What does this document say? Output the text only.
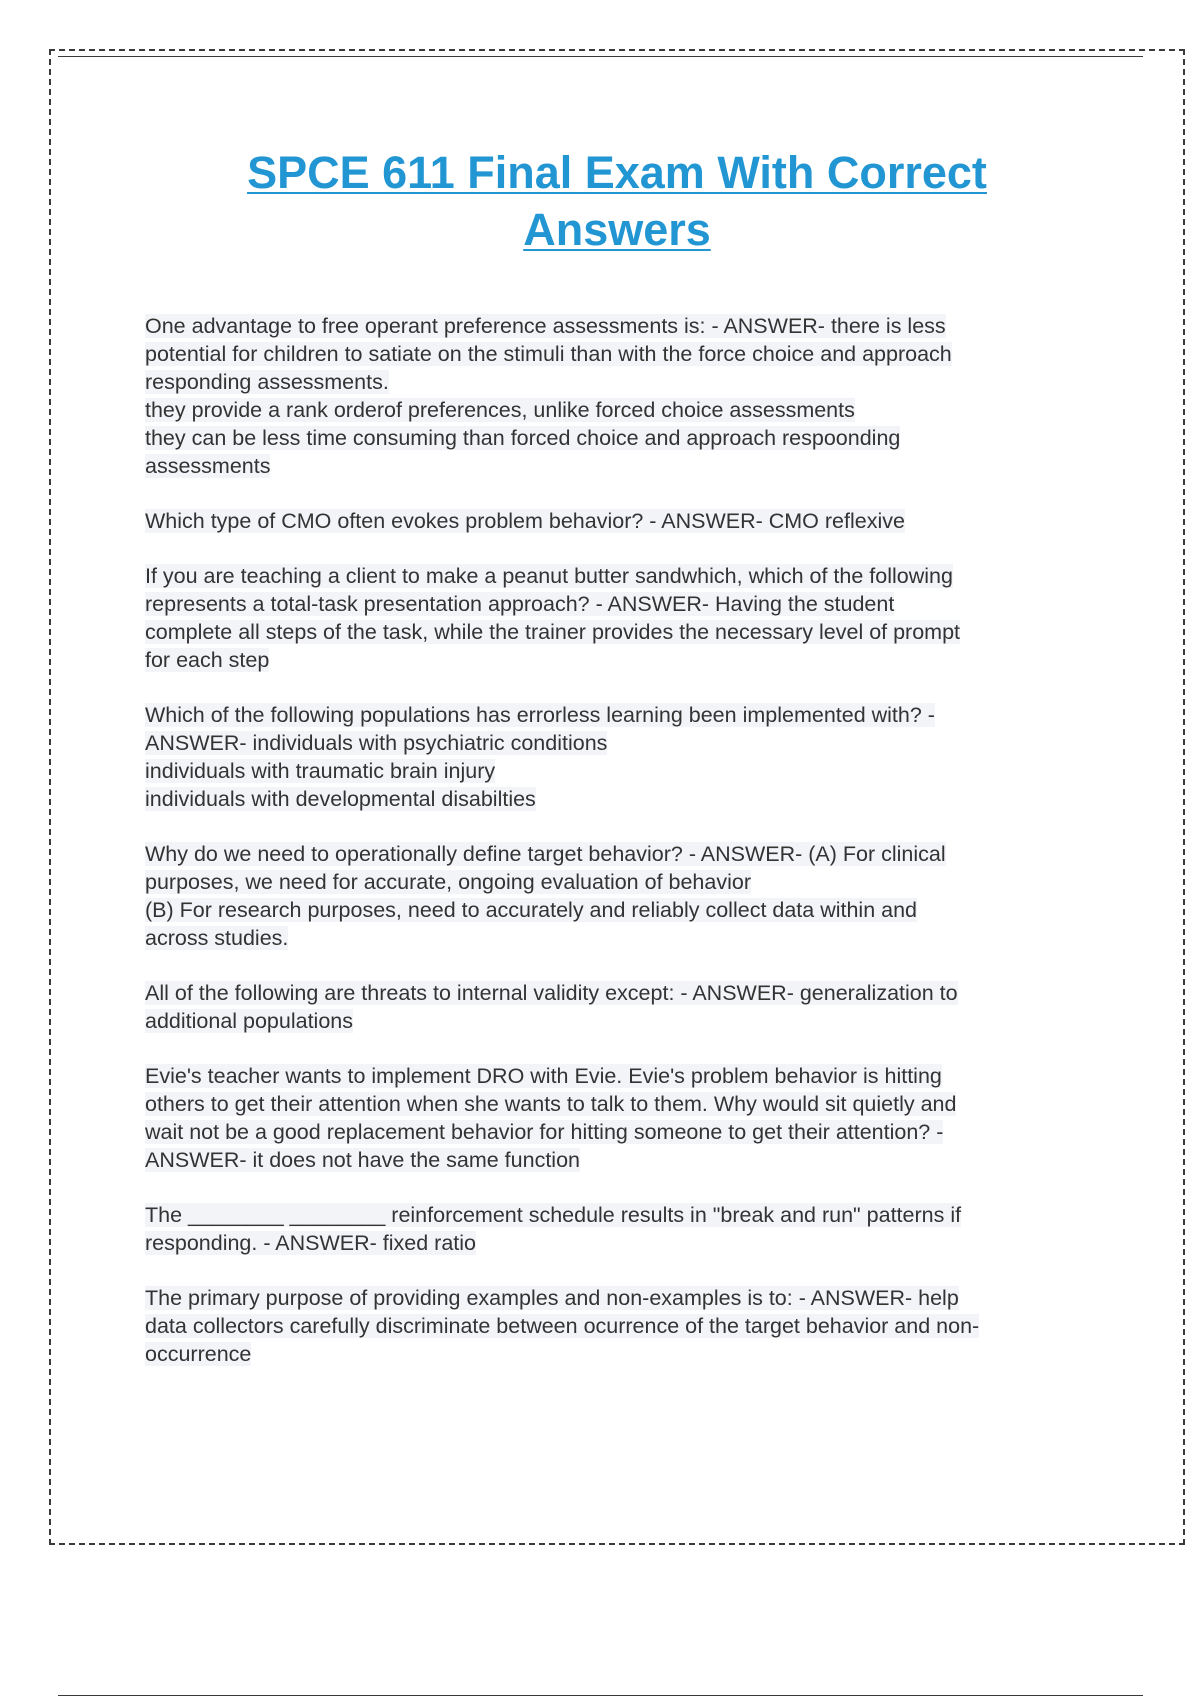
SPCE 611 Final Exam With Correct Answers

One advantage to free operant preference assessments is: - ANSWER- there is less
potential for children to satiate on the stimuli than with the force choice and approach
responding assessments.
they provide a rank orderof preferences, unlike forced choice assessments
they can be less time consuming than forced choice and approach respoonding
assessments

Which type of CMO often evokes problem behavior? - ANSWER- CMO reflexive

If you are teaching a client to make a peanut butter sandwhich, which of the following
represents a total-task presentation approach? - ANSWER- Having the student
complete all steps of the task, while the trainer provides the necessary level of prompt
for each step

Which of the following populations has errorless learning been implemented with? -
ANSWER- individuals with psychiatric conditions
individuals with traumatic brain injury
individuals with developmental disabilties

Why do we need to operationally define target behavior? - ANSWER- (A) For clinical
purposes, we need for accurate, ongoing evaluation of behavior
(B) For research purposes, need to accurately and reliably collect data within and
across studies.

All of the following are threats to internal validity except: - ANSWER- generalization to
additional populations

Evie's teacher wants to implement DRO with Evie. Evie's problem behavior is hitting
others to get their attention when she wants to talk to them. Why would sit quietly and
wait not be a good replacement behavior for hitting someone to get their attention? -
ANSWER- it does not have the same function

The ________ ________ reinforcement schedule results in "break and run" patterns if
responding. - ANSWER- fixed ratio

The primary purpose of providing examples and non-examples is to: - ANSWER- help
data collectors carefully discriminate between ocurrence of the target behavior and non-
occurrence
